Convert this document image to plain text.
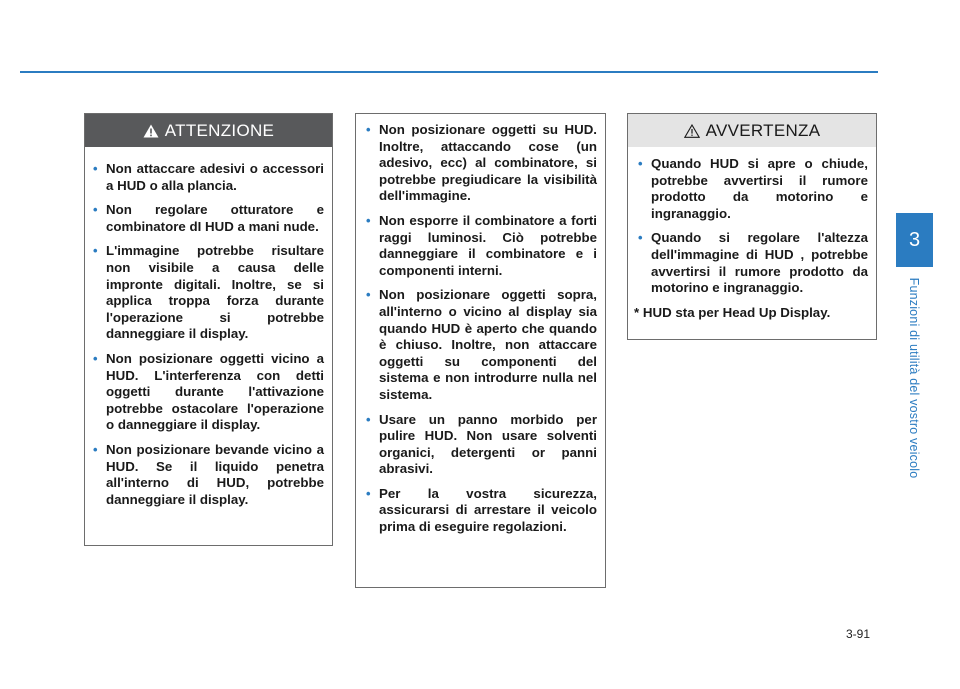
ATTENZIONE
• Non attaccare adesivi o accessori a HUD o alla plancia.
• Non regolare otturatore e combinatore dI HUD a mani nude.
• L'immagine potrebbe risultare non visibile a causa delle impronte digitali. Inoltre, se si applica troppa forza durante l'operazione si potrebbe danneggiare il display.
• Non posizionare oggetti vicino a HUD. L'interferenza con detti oggetti durante l'attivazione potrebbe ostacolare l'operazione o danneggiare il display.
• Non posizionare bevande vicino a HUD. Se il liquido penetra all'interno di HUD, potrebbe danneggiare il display.
• Non posizionare oggetti su HUD. Inoltre, attaccando cose (un adesivo, ecc) al combinatore, si potrebbe pregiudicare la visibilità dell'immagine.
• Non esporre il combinatore a forti raggi luminosi. Ciò potrebbe danneggiare il combinatore e i componenti interni.
• Non posizionare oggetti sopra, all'interno o vicino al display sia quando HUD è aperto che quando è chiuso. Inoltre, non attaccare oggetti su componenti del sistema e non introdurre nulla nel sistema.
• Usare un panno morbido per pulire HUD. Non usare solventi organici, detergenti or panni abrasivi.
• Per la vostra sicurezza, assicurarsi di arrestare il veicolo prima di eseguire regolazioni.
AVVERTENZA
• Quando HUD si apre o chiude, potrebbe avvertirsi il rumore prodotto da motorino e ingranaggio.
• Quando si regolare l'altezza dell'immagine di HUD , potrebbe avvertirsi il rumore prodotto da motorino e ingranaggio.
* HUD sta per Head Up Display.
3
Funzioni di utilità del vostro veicolo
3-91
